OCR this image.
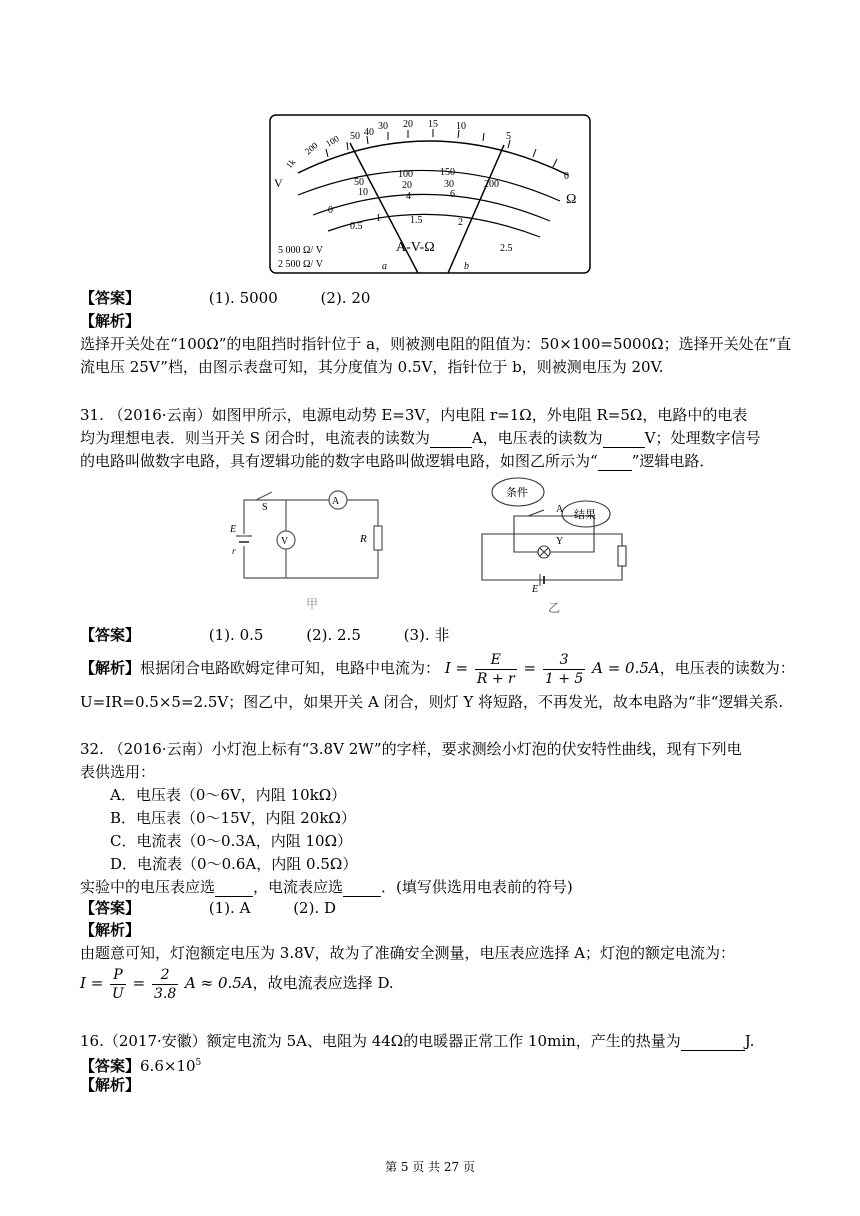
V
Ω
1k
200 100 50 40
30 20 15 10
5
0
100	150
200
50	20	30
10	4	6
0
0.5
1	1.5	2
2.5
A-V-Ω
5 000 Ω/ V
2 500 Ω/ V	a	b
【答案】	(1). 5000	(2). 20
【解析】
选择开关处在“100Ω”的电阻挡时指针位于 a，则被测电阻的阻值为：50×100=5000Ω；选择开关处在“直
流电压 25V”档，由图示表盘可知，其分度值为 0.5V，指针位于 b，则被测电压为 20V.
31. （2016·云南）如图甲所示，电源电动势 E=3V，内电阻 r=1Ω，外电阻 R=5Ω，电路中的电表
均为理想电表．则当开关 S 闭合时，电流表的读数为	A，电压表的读数为	V；处理数字信号
的电路叫做数字电路，具有逻辑功能的数字电路叫做逻辑电路，如图乙所示为“ ”逻辑电路．
A
V
S
E
r
R
甲
条件
结果
A
Y
E
乙
【答案】	(1). 0.5	(2). 2.5	(3). 非
【解析】根据闭合电路欧姆定律可知，电路中电流为： $I = \frac{E}{R + r} = \frac{3}{1 + 5}$ A = 0.5A，电压表的读数为：
U=IR=0.5×5=2.5V；图乙中，如果开关 A 闭合，则灯 Y 将短路，不再发光，故本电路为“非“逻辑关系.
32. （2016·云南）小灯泡上标有“3.8V 2W”的字样，要求测绘小灯泡的伏安特性曲线，现有下列电
表供选用：
A．电压表（0～6V，内阻 10kΩ）
B．电压表（0～15V，内阻 20kΩ）
C．电流表（0～0.3A，内阻 10Ω）
D．电流表（0～0.6A，内阻 0.5Ω）
实验中的电压表应选	，电流表应选	．(填写供选用电表前的符号)
【答案】	(1). A	(2). D
【解析】
由题意可知，灯泡额定电压为 3.8V，故为了准确安全测量，电压表应选择 A；灯泡的额定电流为：
$I = \frac{P}{U} = \frac{2}{3.8}$ A ≈ 0.5A，故电流表应选择 D.
16.（2017·安徽）额定电流为 5A、电阻为 44Ω的电暖器正常工作 10min，产生的热量为	J.
【答案】$6.6\times 10^5$
【解析】
第 5 页 共 27 页
